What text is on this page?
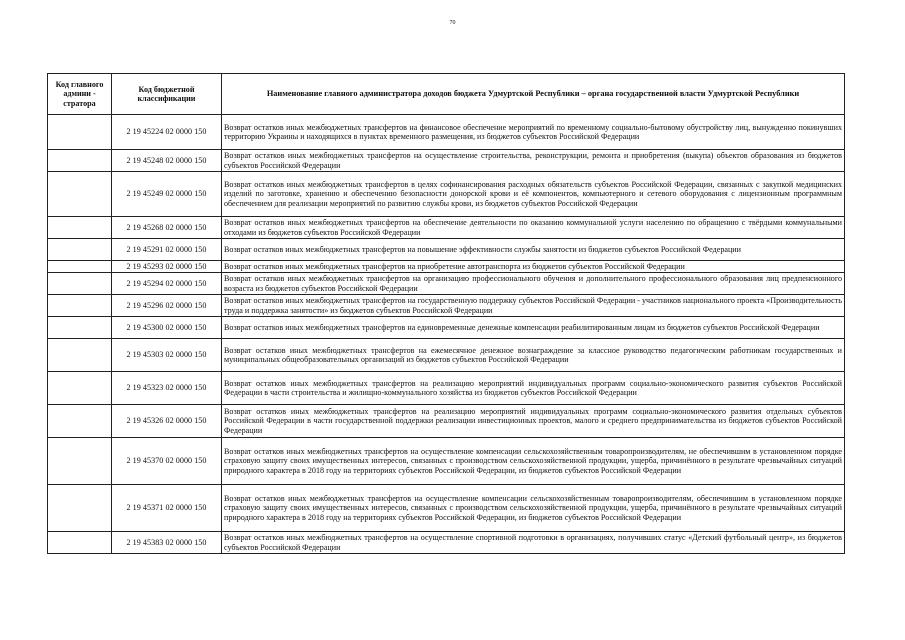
70
Код главного админи - стратора	Код бюджетной классификации	Наименование главного администратора доходов бюджета Удмуртской Республики – органа государственной власти Удмуртской Республики
	2 19 45224 02 0000 150	Возврат остатков иных межбюджетных трансфертов на финансовое обеспечение мероприятий по временному социально-бытовому обустройству лиц, вынужденно покинувших территорию Украины и находящихся в пунктах временного размещения, из бюджетов субъектов Российской Федерации
	2 19 45248 02 0000 150	Возврат остатков иных межбюджетных трансфертов на осуществление строительства, реконструкции, ремонта и приобретения (выкупа) объектов образования из бюджетов субъектов Российской Федерации
	2 19 45249 02 0000 150	Возврат остатков иных межбюджетных трансфертов в целях софинансирования расходных обязательств субъектов Российской Федерации, связанных с закупкой медицинских изделий по заготовке, хранению и обеспечению безопасности донорской крови и её компонентов, компьютерного и сетевого оборудования с лицензионным программным обеспечением для реализации мероприятий по развитию службы крови, из бюджетов субъектов Российской Федерации
	2 19 45268 02 0000 150	Возврат остатков иных межбюджетных трансфертов на обеспечение деятельности по оказанию коммунальной услуги населению по обращению с твёрдыми коммунальными отходами из бюджетов субъектов Российской Федерации
	2 19 45291 02 0000 150	Возврат остатков иных межбюджетных трансфертов на повышение эффективности службы занятости из бюджетов субъектов Российской Федерации
	2 19 45293 02 0000 150	Возврат остатков иных межбюджетных трансфертов на приобретение автотранспорта из бюджетов субъектов Российской Федерации
	2 19 45294 02 0000 150	Возврат остатков иных межбюджетных трансфертов на организацию профессионального обучения и дополнительного профессионального образования лиц предпенсионного возраста из бюджетов субъектов Российской Федерации
	2 19 45296 02 0000 150	Возврат остатков иных межбюджетных трансфертов на государственную поддержку субъектов Российской Федерации - участников национального проекта «Производительность труда и поддержка занятости» из бюджетов субъектов Российской Федерации
	2 19 45300 02 0000 150	Возврат остатков иных межбюджетных трансфертов на единовременные денежные компенсации реабилитированным лицам из бюджетов субъектов Российской Федерации
	2 19 45303 02 0000 150	Возврат остатков иных межбюджетных трансфертов на ежемесячное денежное вознаграждение за классное руководство педагогическим работникам государственных и муниципальных общеобразовательных организаций из бюджетов субъектов Российской Федерации
	2 19 45323 02 0000 150	Возврат остатков иных межбюджетных трансфертов на реализацию мероприятий индивидуальных программ социально-экономического развития субъектов Российской Федерации в части строительства и жилищно-коммунального хозяйства из бюджетов субъектов Российской Федерации
	2 19 45326 02 0000 150	Возврат остатков иных межбюджетных трансфертов на реализацию мероприятий индивидуальных программ социально-экономического развития отдельных субъектов Российской Федерации в части государственной поддержки реализации инвестиционных проектов, малого и среднего предпринимательства из бюджетов субъектов Российской Федерации
	2 19 45370 02 0000 150	Возврат остатков иных межбюджетных трансфертов на осуществление компенсации сельскохозяйственным товаропроизводителям, не обеспечившим в установленном порядке страховую защиту своих имущественных интересов, связанных с производством сельскохозяйственной продукции, ущерба, причинённого в результате чрезвычайных ситуаций природного характера в 2018 году на территориях субъектов Российской Федерации, из бюджетов субъектов Российской Федерации
	2 19 45371 02 0000 150	Возврат остатков иных межбюджетных трансфертов на осуществление компенсации сельскохозяйственным товаропроизводителям, обеспечившим в установленном порядке страховую защиту своих имущественных интересов, связанных с производством сельскохозяйственной продукции, ущерба, причинённого в результате чрезвычайных ситуаций природного характера в 2018 году на территориях субъектов Российской Федерации, из бюджетов субъектов Российской Федерации
	2 19 45383 02 0000 150	Возврат остатков иных межбюджетных трансфертов на осуществление спортивной подготовки в организациях, получивших статус «Детский футбольный центр», из бюджетов субъектов Российской Федерации
